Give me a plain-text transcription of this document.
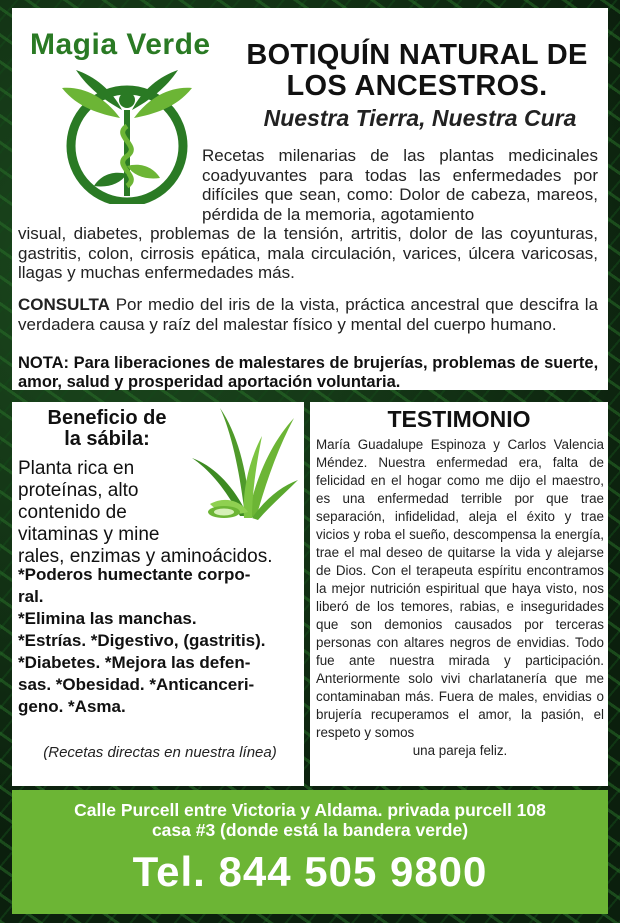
Magia Verde	BOTIQUÍN NATURAL DE
LOS ANCESTROS.
Nuestra Tierra, Nuestra Cura
Recetas milenarias de las plantas medicinales coadyuvantes para todas las enfermedades por difíciles que sean, como: Dolor de cabeza, mareos, pérdida de la memoria, agotamiento
visual, diabetes, problemas de la tensión, artritis, dolor de las coyunturas, gastritis, colon, cirrosis epática, mala circulación, varices, úlcera varicosas, llagas y muchas enfermedades más.
CONSULTA Por medio del iris de la vista, práctica ancestral que descifra la verdadera causa y raíz del malestar físico y mental del cuerpo humano.
NOTA: Para liberaciones de malestares de brujerías, problemas de suerte, amor, salud y prosperidad aportación voluntaria.
Beneficio de
la sábila:
Planta rica en
proteínas, alto
contenido de
vitaminas y mine
rales, enzimas y aminoácidos.
*Poderos humectante corpo-
ral.
*Elimina las manchas.
*Estrías. *Digestivo, (gastritis).
*Diabetes. *Mejora las defen-
sas. *Obesidad. *Anticanceri-
geno. *Asma.
(Recetas directas en nuestra línea)
TESTIMONIO
María Guadalupe Espinoza y Carlos Valencia Méndez. Nuestra enfermedad era, falta de felicidad en el hogar como me dijo el maestro, es una enfermedad terrible por que trae separación, infidelidad, aleja el éxito y trae vicios y roba el sueño, descompensa la energía, trae el mal deseo de quitarse la vida y alejarse de Dios. Con el terapeuta espíritu encontramos la mejor nutrición espiritual que haya visto, nos liberó de los temores, rabias, e inseguridades que son demonios causados por terceras personas con altares negros de envidias. Todo fue ante nuestra mirada y participación. Anteriormente solo vivi charlatanería que me contaminaban más. Fuera de males, envidias o brujería recuperamos el amor, la pasión, el respeto y somos
una pareja feliz.
Calle Purcell entre Victoria y Aldama. privada purcell 108
casa #3 (donde está la bandera verde)
Tel. 844 505 9800
